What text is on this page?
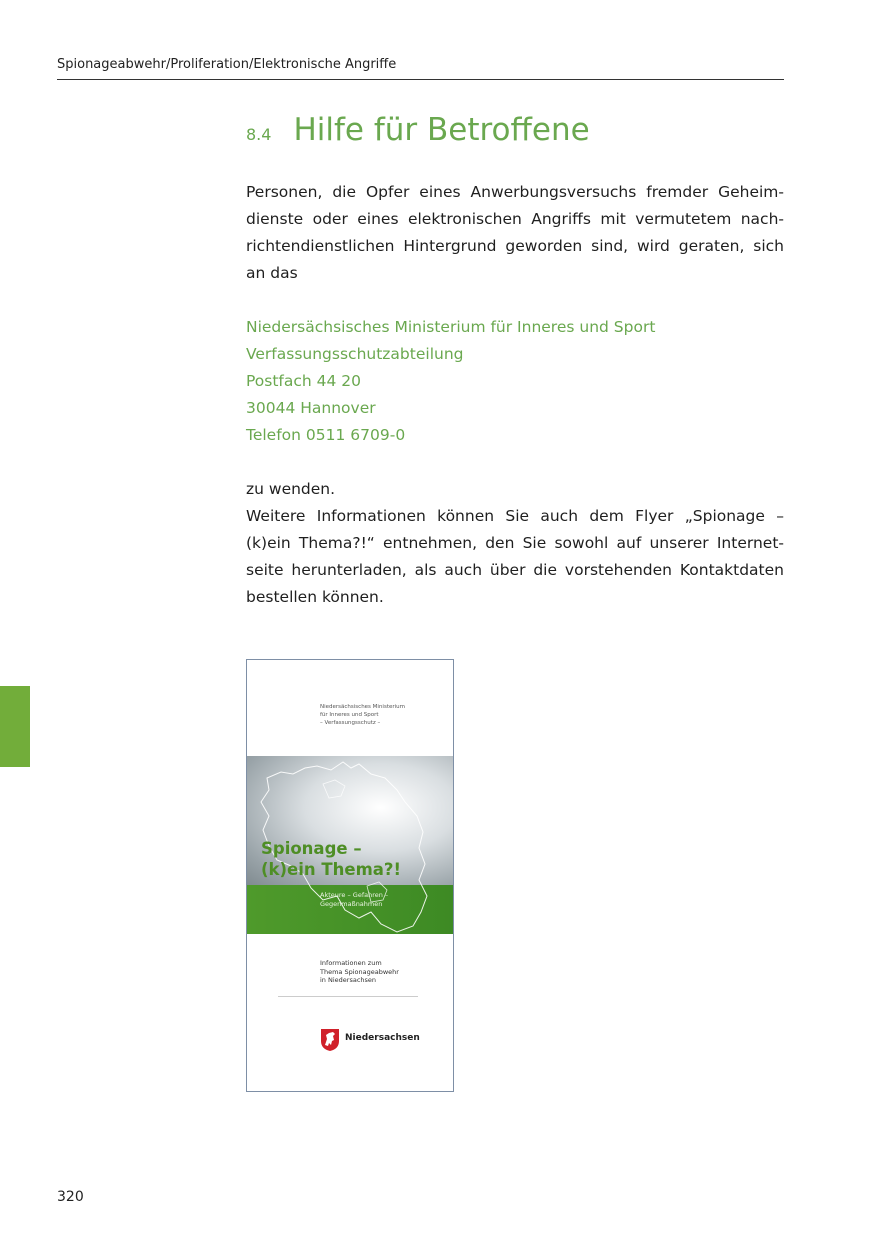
Spionageabwehr/Proliferation/Elektronische Angriffe
8.4 Hilfe für Betroffene
Personen, die Opfer eines Anwerbungsversuchs fremder Geheim-
dienste oder eines elektronischen Angriffs mit vermutetem nach-
richtendienstlichen Hintergrund geworden sind, wird geraten, sich
an das
Niedersächsisches Ministerium für Inneres und Sport
Verfassungsschutzabteilung
Postfach 44 20
30044 Hannover
Telefon 0511 6709-0
zu wenden.
Weitere Informationen können Sie auch dem Flyer „Spionage –
(k)ein Thema?!“ entnehmen, den Sie sowohl auf unserer Internet-
seite herunterladen, als auch über die vorstehenden Kontaktdaten
bestellen können.
Niedersächsisches Ministerium
für Inneres und Sport
– Verfassungsschutz –
Spionage –
(k)ein Thema?!
Akteure – Gefahren –
Gegenmaßnahmen
Informationen zum
Thema Spionageabwehr
in Niedersachsen
Niedersachsen
320
